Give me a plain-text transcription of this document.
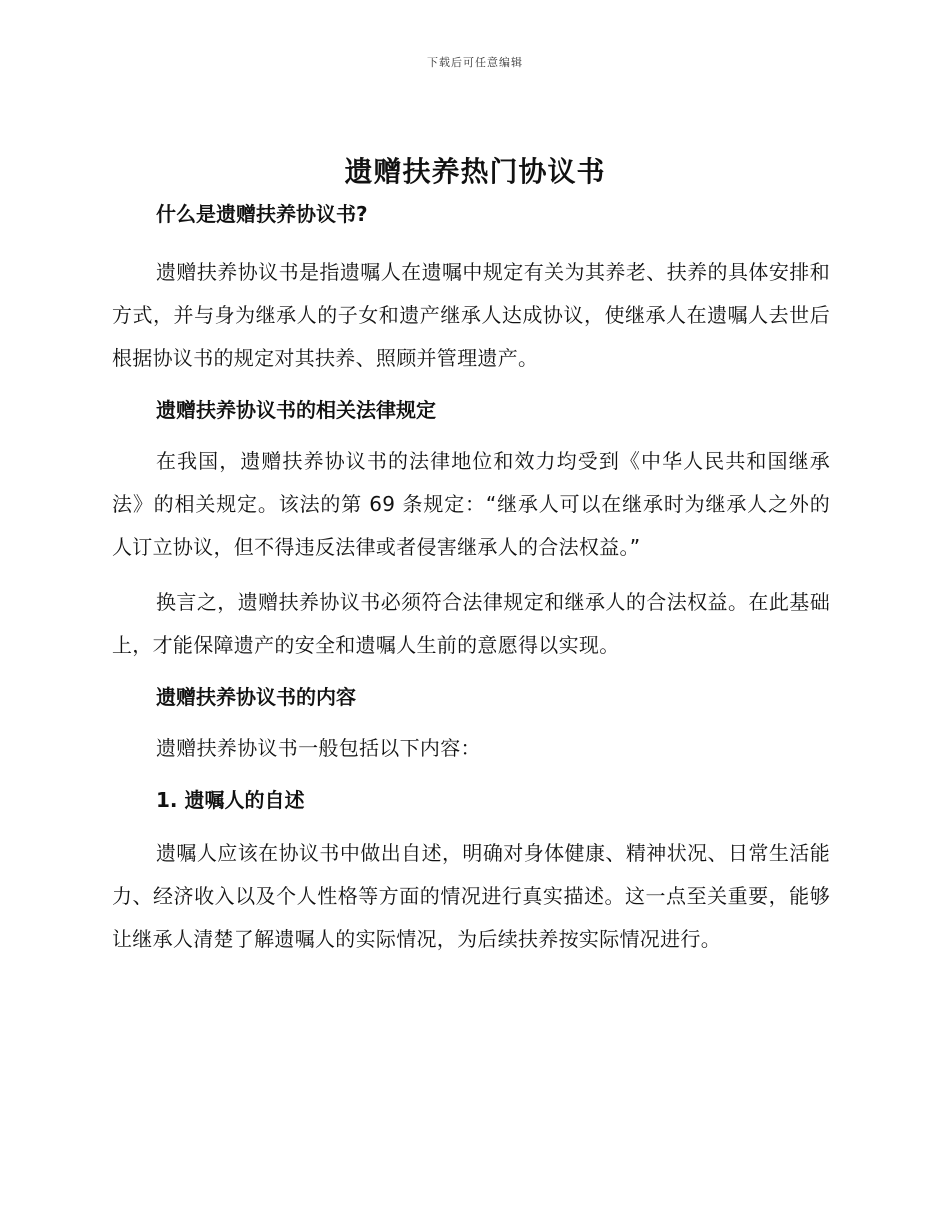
下载后可任意编辑
遗赠扶养热门协议书

什么是遗赠扶养协议书?

遗赠扶养协议书是指遗嘱人在遗嘱中规定有关为其养老、扶养的具体安排和方式，并与身为继承人的子女和遗产继承人达成协议，使继承人在遗嘱人去世后根据协议书的规定对其扶养、照顾并管理遗产。

遗赠扶养协议书的相关法律规定

在我国，遗赠扶养协议书的法律地位和效力均受到《中华人民共和国继承法》的相关规定。该法的第 69 条规定：“继承人可以在继承时为继承人之外的人订立协议，但不得违反法律或者侵害继承人的合法权益。”

换言之，遗赠扶养协议书必须符合法律规定和继承人的合法权益。在此基础上，才能保障遗产的安全和遗嘱人生前的意愿得以实现。

遗赠扶养协议书的内容

遗赠扶养协议书一般包括以下内容：

1. 遗嘱人的自述

遗嘱人应该在协议书中做出自述，明确对身体健康、精神状况、日常生活能力、经济收入以及个人性格等方面的情况进行真实描述。这一点至关重要，能够让继承人清楚了解遗嘱人的实际情况，为后续扶养按实际情况进行。
